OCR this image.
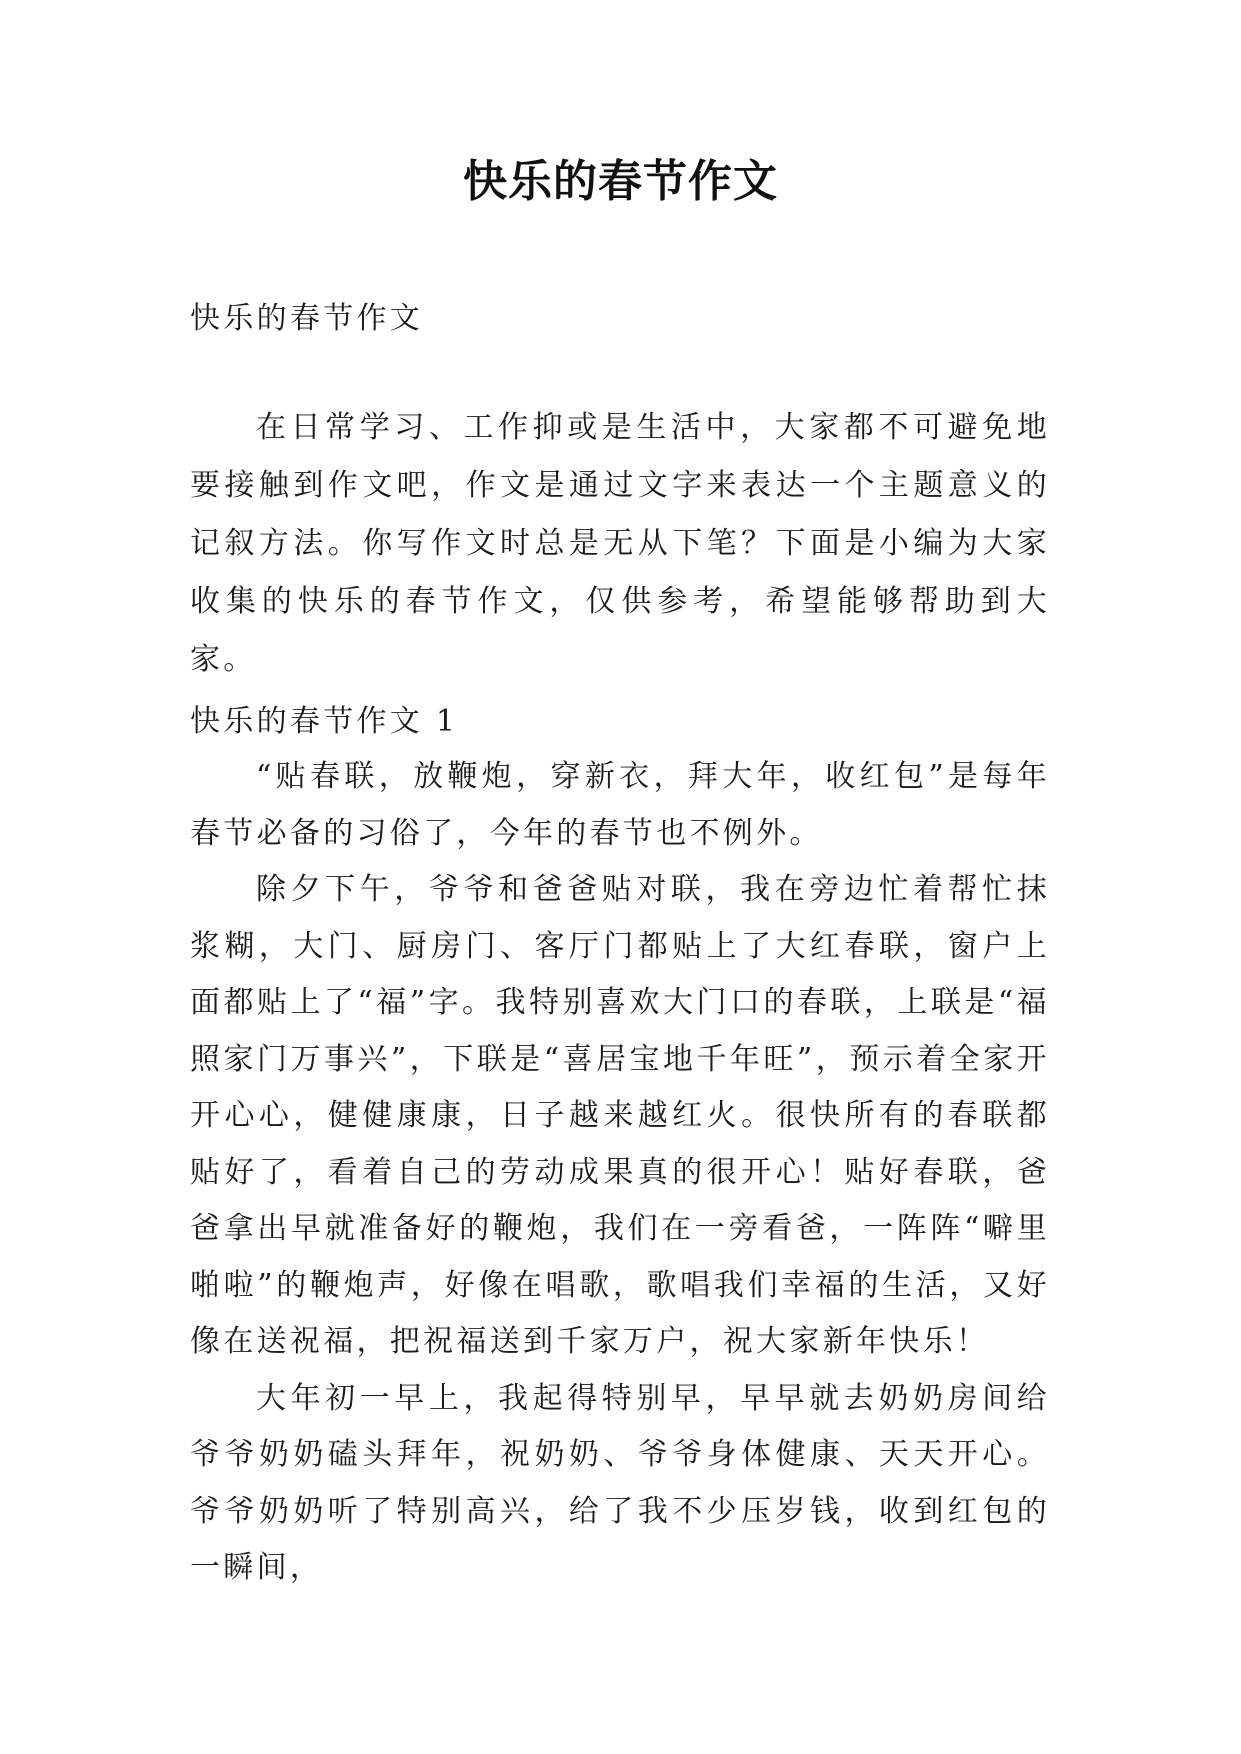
快乐的春节作文
快乐的春节作文
在日常学习、工作抑或是生活中，大家都不可避免地要接触到作文吧，作文是通过文字来表达一个主题意义的记叙方法。你写作文时总是无从下笔？下面是小编为大家收集的快乐的春节作文，仅供参考，希望能够帮助到大家。
快乐的春节作文 1

“贴春联，放鞭炮，穿新衣，拜大年，收红包”是每年春节必备的习俗了，今年的春节也不例外。

除夕下午，爷爷和爸爸贴对联，我在旁边忙着帮忙抹浆糊，大门、厨房门、客厅门都贴上了大红春联，窗户上面都贴上了“福”字。我特别喜欢大门口的春联，上联是“福照家门万事兴”，下联是“喜居宝地千年旺”，预示着全家开开心心，健健康康，日子越来越红火。很快所有的春联都贴好了，看着自己的劳动成果真的很开心！贴好春联，爸爸拿出早就准备好的鞭炮，我们在一旁看爸，一阵阵“噼里啪啦”的鞭炮声，好像在唱歌，歌唱我们幸福的生活，又好像在送祝福，把祝福送到千家万户，祝大家新年快乐！

大年初一早上，我起得特别早，早早就去奶奶房间给爷爷奶奶磕头拜年，祝奶奶、爷爷身体健康、天天开心。爷爷奶奶听了特别高兴，给了我不少压岁钱，收到红包的一瞬间，
